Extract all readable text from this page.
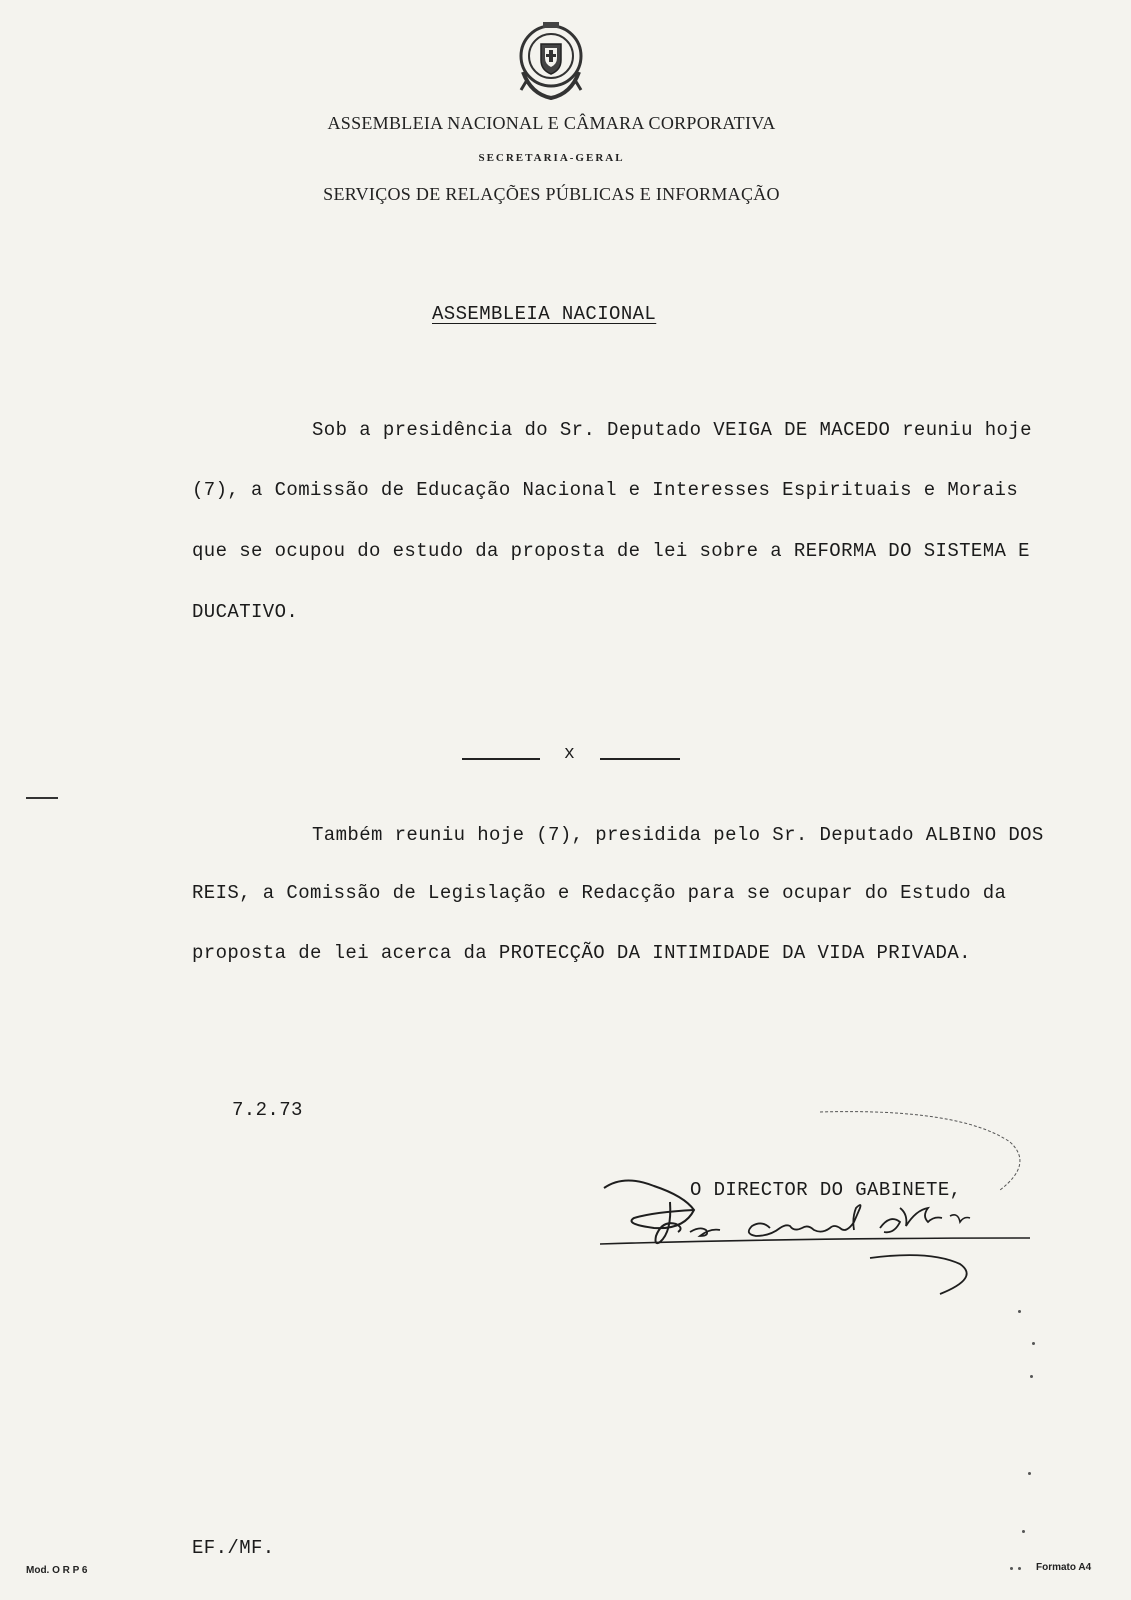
ASSEMBLEIA NACIONAL E CÂMARA CORPORATIVA
SECRETARIA-GERAL
SERVIÇOS DE RELAÇÕES PÚBLICAS E INFORMAÇÃO
ASSEMBLEIA NACIONAL
Sob a presidência do Sr. Deputado VEIGA DE MACEDO reuniu hoje
(7), a Comissão de Educação Nacional e Interesses Espirituais e Morais
que se ocupou do estudo da proposta de lei sobre a REFORMA DO SISTEMA E
DUCATIVO.
x
Também reuniu hoje (7), presidida pelo Sr. Deputado ALBINO DOS
REIS, a Comissão de Legislação e Redacção para se ocupar do Estudo da
proposta de lei acerca da PROTECÇÃO DA INTIMIDADE DA VIDA PRIVADA.
7.2.73
O DIRECTOR DO GABINETE,
EF./MF.
Mod. O R P 6	Formato A4
